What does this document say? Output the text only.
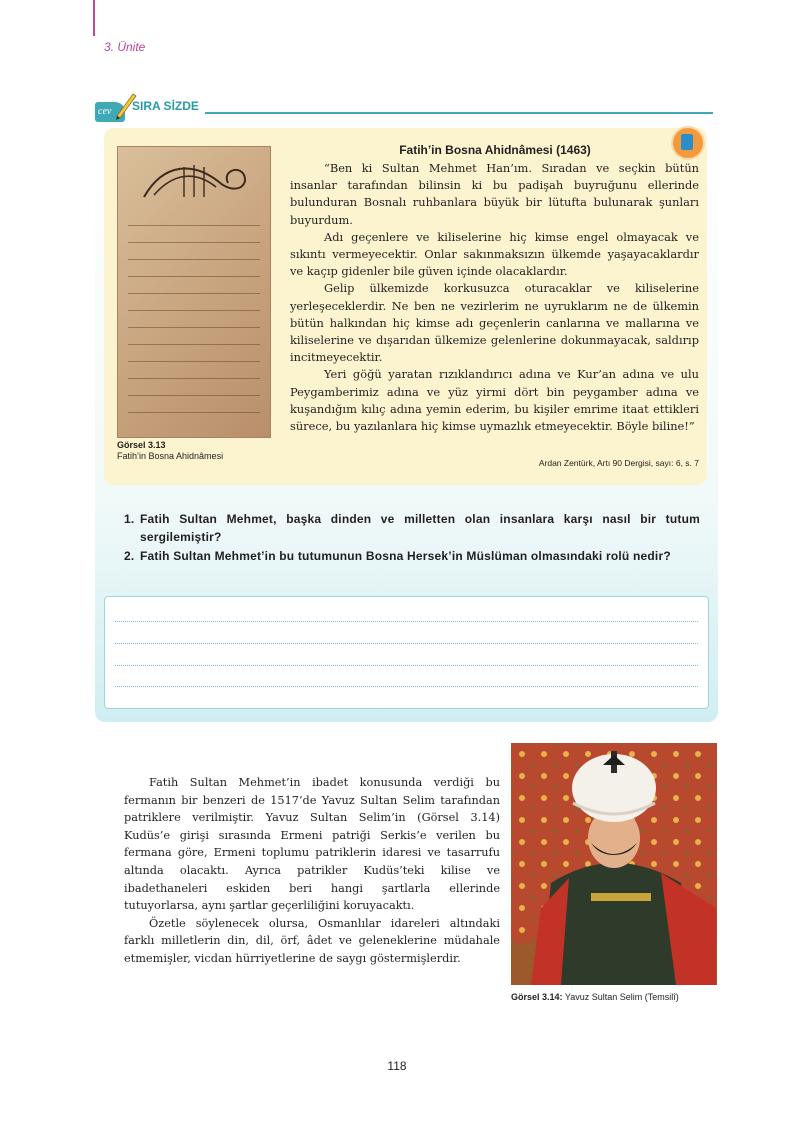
3. Ünite
cev SIRA SİZDE
Görsel 3.13
Fatih’in Bosna Ahidnâmesi
Fatih’in Bosna Ahidnâmesi (1463)

“Ben ki Sultan Mehmet Han’ım. Sıradan ve seçkin bütün insanlar tarafından bilinsin ki bu padişah buyruğunu ellerinde bulunduran Bosnalı ruhbanlara büyük bir lütufta bulunarak şunları buyurdum.

Adı geçenlere ve kiliselerine hiç kimse engel olmayacak ve sıkıntı vermeyecektir. Onlar sakınmaksızın ülkemde yaşayacaklardır ve kaçıp gidenler bile güven içinde olacaklardır.

Gelip ülkemizde korkusuzca oturacaklar ve kiliselerine yerleşeceklerdir. Ne ben ne vezirlerim ne uyruklarım ne de ülkemin bütün halkından hiç kimse adı geçenlerin canlarına ve mallarına ve kiliselerine ve dışarıdan ülkemize gelenlerine dokunmayacak, saldırıp incitmeyecektir.

Yeri göğü yaratan rızıklandırıcı adına ve Kur’an adına ve ulu Peygamberimiz adına ve yüz yirmi dört bin peygamber adına ve kuşandığım kılıç adına yemin ederim, bu kişiler emrime itaat ettikleri sürece, bu yazılanlara hiç kimse uymazlık etmeyecektir. Böyle biline!”

Ardan Zentürk, Artı 90 Dergisi, sayı: 6, s. 7
1. Fatih Sultan Mehmet, başka dinden ve milletten olan insanlara karşı nasıl bir tutum sergilemiştir?
2. Fatih Sultan Mehmet’in bu tutumunun Bosna Hersek’in Müslüman olmasındaki rolü nedir?

Fatih Sultan Mehmet’in ibadet konusunda verdiği bu fermanın bir benzeri de 1517’de Yavuz Sultan Selim tarafından patriklere verilmiştir. Yavuz Sultan Selim’in (Görsel 3.14) Kudüs’e girişi sırasında Ermeni patriği Serkis’e verilen bu fermana göre, Ermeni toplumu patriklerin idaresi ve tasarrufu altında olacaktı. Ayrıca patrikler Kudüs’teki kilise ve ibadethaneleri eskiden beri hangi şartlarla ellerinde tutuyorlarsa, aynı şartlar geçerliliğini koruyacaktı.

Özetle söylenecek olursa, Osmanlılar idareleri altındaki farklı milletlerin din, dil, örf, âdet ve geleneklerine müdahale etmemişler, vicdan hürriyetlerine de saygı göstermişlerdir.

Görsel 3.14: Yavuz Sultan Selim (Temsilî)
118
